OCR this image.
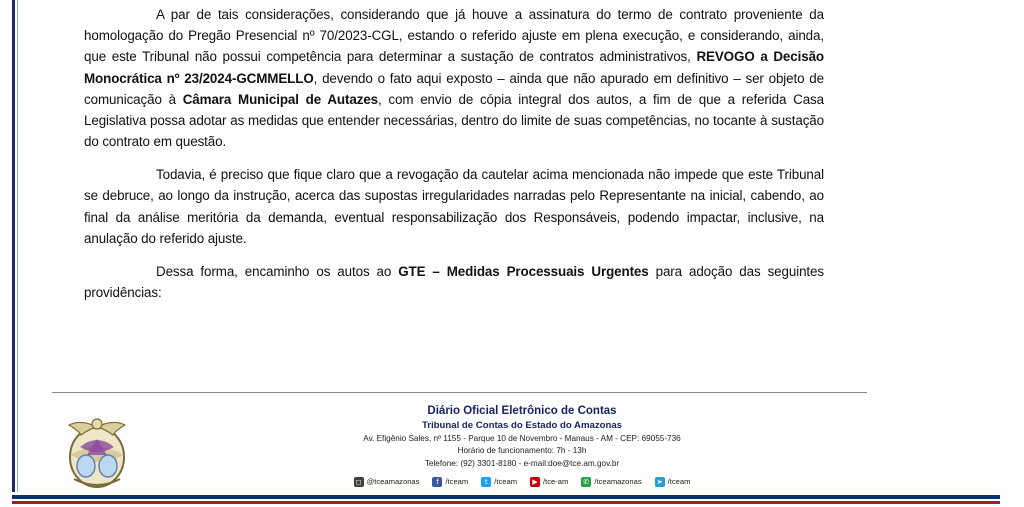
A par de tais considerações, considerando que já houve a assinatura do termo de contrato proveniente da homologação do Pregão Presencial nº 70/2023-CGL, estando o referido ajuste em plena execução, e considerando, ainda, que este Tribunal não possui competência para determinar a sustação de contratos administrativos, REVOGO a Decisão Monocrática nº 23/2024-GCMMELLO, devendo o fato aqui exposto – ainda que não apurado em definitivo – ser objeto de comunicação à Câmara Municipal de Autazes, com envio de cópia integral dos autos, a fim de que a referida Casa Legislativa possa adotar as medidas que entender necessárias, dentro do limite de suas competências, no tocante à sustação do contrato em questão.

Todavia, é preciso que fique claro que a revogação da cautelar acima mencionada não impede que este Tribunal se debruce, ao longo da instrução, acerca das supostas irregularidades narradas pelo Representante na inicial, cabendo, ao final da análise meritória da demanda, eventual responsabilização dos Responsáveis, podendo impactar, inclusive, na anulação do referido ajuste.

Dessa forma, encaminho os autos ao GTE – Medidas Processuais Urgentes para adoção das seguintes providências:

Diário Oficial Eletrônico de Contas
Tribunal de Contas do Estado do Amazonas
Av. Efigênio Sales, nº 1155 - Parque 10 de Novembro - Manaus - AM - CEP: 69055-736
Horário de funcionamento: 7h - 13h
Telefone: (92) 3301-8180 - e-mail:doe@tce.am.gov.br
◻ @tceamazonas	f /tceam	t /tceam	▶ /tce-am ✆ /tceamazonas ➤ /tceam
